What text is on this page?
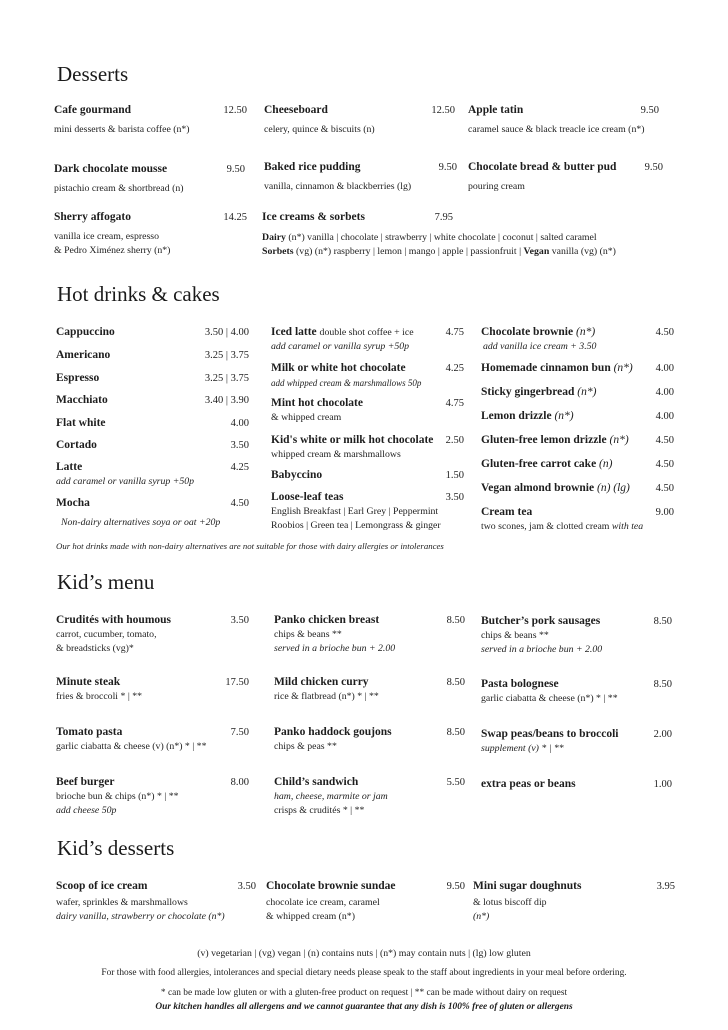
Desserts
Cafe gourmand	12.50
mini desserts & barista coffee (n*)
Cheeseboard	12.50
celery, quince & biscuits (n)
Apple tatin	9.50
caramel sauce & black treacle ice cream (n*)
Dark chocolate mousse	9.50
pistachio cream & shortbread (n)
Baked rice pudding	9.50
vanilla, cinnamon & blackberries (lg)
Chocolate bread & butter pud	9.50
pouring cream
Sherry affogato	14.25
vanilla ice cream, espresso
& Pedro Ximénez sherry (n*)
Ice creams & sorbets	7.95
Dairy (n*) vanilla | chocolate | strawberry | white chocolate | coconut | salted caramel
Sorbets (vg) (n*) raspberry | lemon | mango | apple | passionfruit | Vegan vanilla (vg) (n*)
Hot drinks & cakes
Cappuccino	3.50 | 4.00
Americano	3.25 | 3.75
Espresso	3.25 | 3.75
Macchiato	3.40 | 3.90
Flat white	4.00
Cortado	3.50
Latte	4.25
add caramel or vanilla syrup +50p
Mocha	4.50
Non-dairy alternatives soya or oat +20p
Iced latte double shot coffee + ice	4.75
add caramel or vanilla syrup +50p
Milk or white hot chocolate	4.25
add whipped cream & marshmallows 50p
Mint hot chocolate	4.75
& whipped cream
Kid's white or milk hot chocolate	2.50
whipped cream & marshmallows
Babyccino	1.50
Loose-leaf teas	3.50
English Breakfast | Earl Grey | Peppermint
Roobios | Green tea | Lemongrass & ginger
Chocolate brownie (n*)	4.50
add vanilla ice cream + 3.50
Homemade cinnamon bun (n*)	4.00
Sticky gingerbread (n*)	4.00
Lemon drizzle (n*)	4.00
Gluten-free lemon drizzle (n*)	4.50
Gluten-free carrot cake (n)	4.50
Vegan almond brownie (n) (lg)	4.50
Cream tea	9.00
two scones, jam & clotted cream with tea
Our hot drinks made with non-dairy alternatives are not suitable for those with dairy allergies or intolerances
Kid’s menu
Crudités with houmous	3.50
carrot, cucumber, tomato,
& breadsticks (vg)*
Minute steak	17.50
fries & broccoli * | **
Tomato pasta	7.50
garlic ciabatta & cheese (v) (n*) * | **
Beef burger	8.00
brioche bun & chips (n*) * | **
add cheese 50p
Panko chicken breast	8.50
chips & beans **
served in a brioche bun + 2.00
Mild chicken curry	8.50
rice & flatbread (n*) * | **
Panko haddock goujons	8.50
chips & peas **
Child’s sandwich	5.50
ham, cheese, marmite or jam
crisps & crudités * | **
Butcher’s pork sausages	8.50
chips & beans **
served in a brioche bun + 2.00
Pasta bolognese	8.50
garlic ciabatta & cheese (n*) * | **
Swap peas/beans to broccoli	2.00
supplement (v) * | **
extra peas or beans	1.00
Kid’s desserts
Scoop of ice cream	3.50
wafer, sprinkles & marshmallows
dairy vanilla, strawberry or chocolate (n*)
Chocolate brownie sundae	9.50
chocolate ice cream, caramel
& whipped cream (n*)
Mini sugar doughnuts	3.95
& lotus biscoff dip
(n*)
(v) vegetarian | (vg) vegan | (n) contains nuts | (n*) may contain nuts | (lg) low gluten
For those with food allergies, intolerances and special dietary needs please speak to the staff about ingredients in your meal before ordering.
* can be made low gluten or with a gluten-free product on request | ** can be made without dairy on request
Our kitchen handles all allergens and we cannot guarantee that any dish is 100% free of gluten or allergens
